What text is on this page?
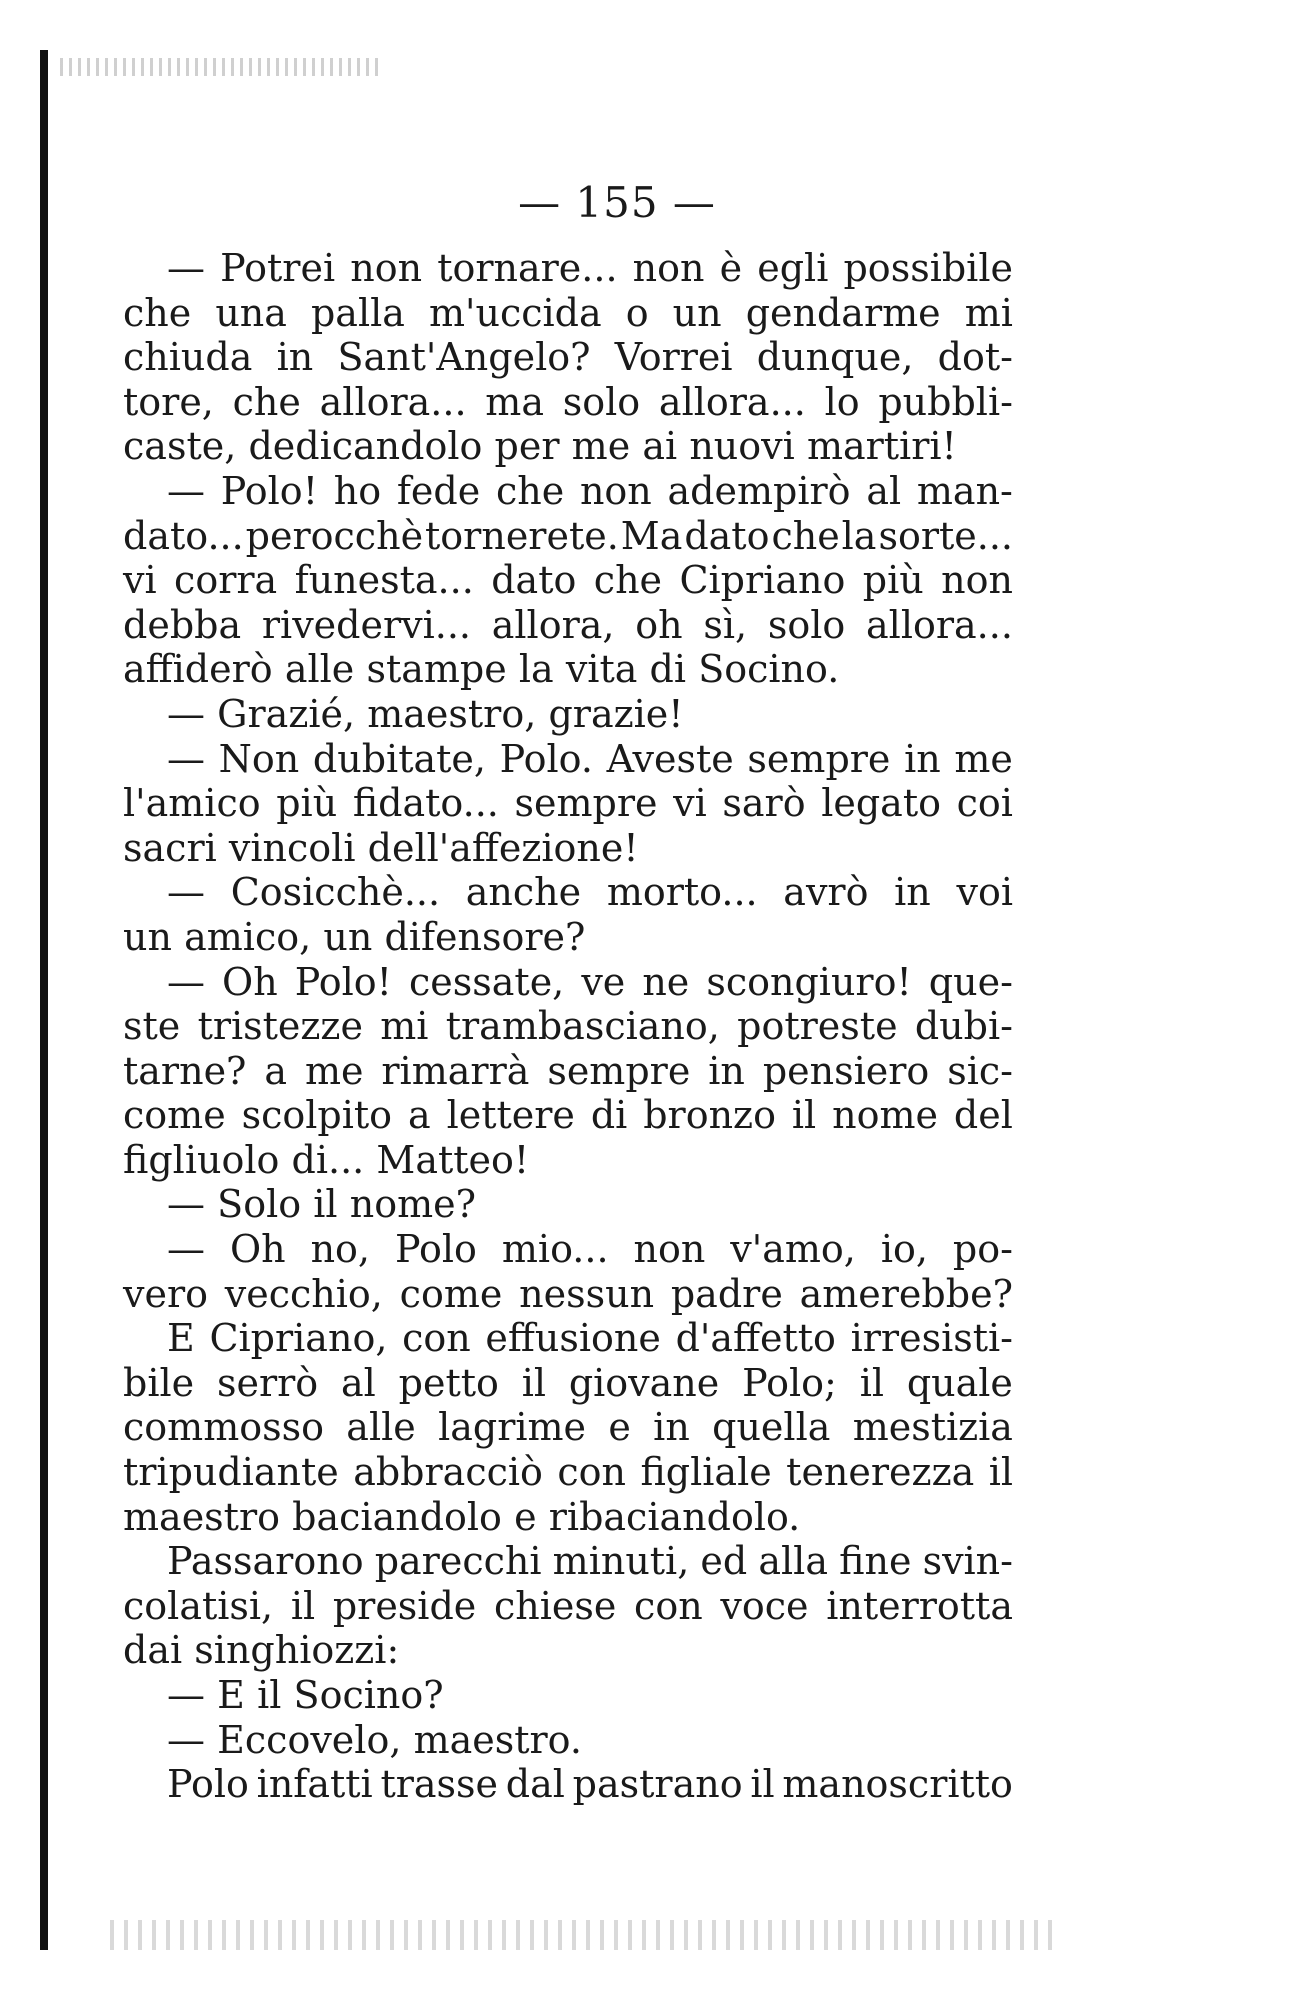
— 155 —
— Potrei non tornare... non è egli possibile
che una palla m'uccida o un gendarme mi
chiuda in Sant'Angelo? Vorrei dunque, dot-
tore, che allora... ma solo allora... lo pubbli-
caste, dedicandolo per me ai nuovi martiri!
— Polo! ho fede che non adempirò al man-
dato... perocchè tornerete. Ma dato che la sorte...
vi corra funesta... dato che Cipriano più non
debba rivedervi... allora, oh sì, solo allora...
affiderò alle stampe la vita di Socino.
— Grazié, maestro, grazie!
— Non dubitate, Polo. Aveste sempre in me
l'amico più fidato... sempre vi sarò legato coi
sacri vincoli dell'affezione!
— Cosicchè... anche morto... avrò in voi
un amico, un difensore?
— Oh Polo! cessate, ve ne scongiuro! que-
ste tristezze mi trambasciano, potreste dubi-
tarne? a me rimarrà sempre in pensiero sic-
come scolpito a lettere di bronzo il nome del
figliuolo di... Matteo!
— Solo il nome?
— Oh no, Polo mio... non v'amo, io, po-
vero vecchio, come nessun padre amerebbe?
E Cipriano, con effusione d'affetto irresisti-
bile serrò al petto il giovane Polo; il quale
commosso alle lagrime e in quella mestizia
tripudiante abbracciò con figliale tenerezza il
maestro baciandolo e ribaciandolo.
Passarono parecchi minuti, ed alla fine svin-
colatisi, il preside chiese con voce interrotta
dai singhiozzi:
— E il Socino?
— Eccovelo, maestro.
Polo infatti trasse dal pastrano il manoscritto
